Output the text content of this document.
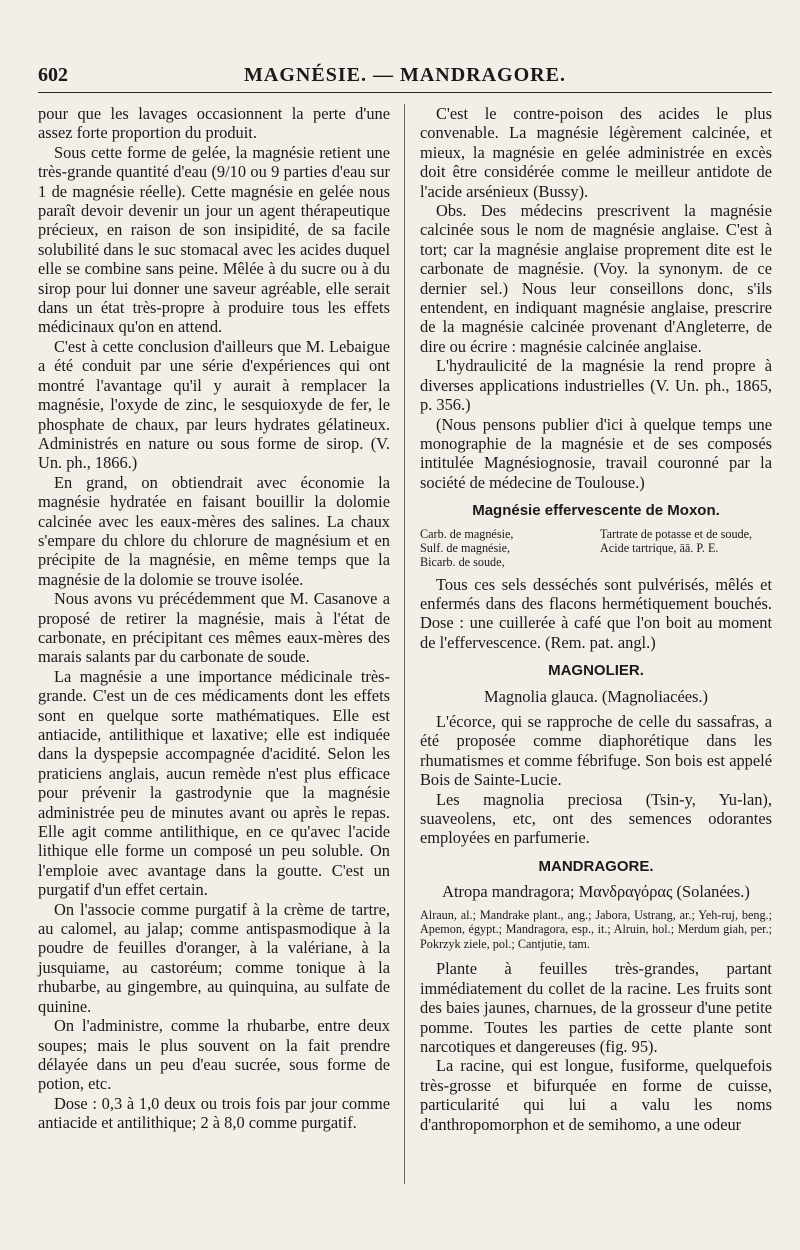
602	MAGNÉSIE. — MANDRAGORE.

pour que les lavages occasionnent la perte d'une assez forte proportion du produit.

Sous cette forme de gelée, la magnésie retient une très-grande quantité d'eau (9/10 ou 9 parties d'eau sur 1 de magnésie réelle). Cette magnésie en gelée nous paraît devoir devenir un jour un agent thérapeutique précieux, en raison de son insipidité, de sa facile solubilité dans le suc stomacal avec les acides duquel elle se combine sans peine. Mêlée à du sucre ou à du sirop pour lui donner une saveur agréable, elle serait dans un état très-propre à produire tous les effets médicinaux qu'on en attend.

C'est à cette conclusion d'ailleurs que M. Lebaigue a été conduit par une série d'expériences qui ont montré l'avantage qu'il y aurait à remplacer la magnésie, l'oxyde de zinc, le sesquioxyde de fer, le phosphate de chaux, par leurs hydrates gélatineux. Administrés en nature ou sous forme de sirop. (V. Un. ph., 1866.)

En grand, on obtiendrait avec économie la magnésie hydratée en faisant bouillir la dolomie calcinée avec les eaux-mères des salines. La chaux s'empare du chlore du chlorure de magnésium et en précipite de la magnésie, en même temps que la magnésie de la dolomie se trouve isolée.

Nous avons vu précédemment que M. Casanove a proposé de retirer la magnésie, mais à l'état de carbonate, en précipitant ces mêmes eaux-mères des marais salants par du carbonate de soude.

La magnésie a une importance médicinale très-grande. C'est un de ces médicaments dont les effets sont en quelque sorte mathématiques. Elle est antiacide, antilithique et laxative; elle est indiquée dans la dyspepsie accompagnée d'acidité. Selon les praticiens anglais, aucun remède n'est plus efficace pour prévenir la gastrodynie que la magnésie administrée peu de minutes avant ou après le repas. Elle agit comme antilithique, en ce qu'avec l'acide lithique elle forme un composé un peu soluble. On l'emploie avec avantage dans la goutte. C'est un purgatif d'un effet certain.

On l'associe comme purgatif à la crème de tartre, au calomel, au jalap; comme antispasmodique à la poudre de feuilles d'oranger, à la valériane, à la jusquiame, au castoréum; comme tonique à la rhubarbe, au gingembre, au quinquina, au sulfate de quinine.

On l'administre, comme la rhubarbe, entre deux soupes; mais le plus souvent on la fait prendre délayée dans un peu d'eau sucrée, sous forme de potion, etc.

Dose : 0,3 à 1,0 deux ou trois fois par jour comme antiacide et antilithique; 2 à 8,0 comme purgatif.

C'est le contre-poison des acides le plus convenable. La magnésie légèrement calcinée, et mieux, la magnésie en gelée administrée en excès doit être considérée comme le meilleur antidote de l'acide arsénieux (Bussy).

Obs. Des médecins prescrivent la magnésie calcinée sous le nom de magnésie anglaise. C'est à tort; car la magnésie anglaise proprement dite est le carbonate de magnésie. (Voy. la synonym. de ce dernier sel.) Nous leur conseillons donc, s'ils entendent, en indiquant magnésie anglaise, prescrire de la magnésie calcinée provenant d'Angleterre, de dire ou écrire : magnésie calcinée anglaise.

L'hydraulicité de la magnésie la rend propre à diverses applications industrielles (V. Un. ph., 1865, p. 356.)

(Nous pensons publier d'ici à quelque temps une monographie de la magnésie et de ses composés intitulée Magnésiognosie, travail couronné par la société de médecine de Toulouse.)

Magnésie effervescente de Moxon.
Carb. de magnésie,
Sulf. de magnésie,
Bicarb. de soude,
Tartrate de potasse et de soude,
Acide tartrique, āā. P. E.

Tous ces sels desséchés sont pulvérisés, mêlés et enfermés dans des flacons hermétiquement bouchés. Dose : une cuillerée à café que l'on boit au moment de l'effervescence. (Rem. pat. angl.)

MAGNOLIER.
Magnolia glauca. (Magnoliacées.)

L'écorce, qui se rapproche de celle du sassafras, a été proposée comme diaphorétique dans les rhumatismes et comme fébrifuge. Son bois est appelé Bois de Sainte-Lucie.

Les magnolia preciosa (Tsin-y, Yu-lan), suaveolens, etc, ont des semences odorantes employées en parfumerie.

MANDRAGORE.
Atropa mandragora; Μανδραγόρας (Solanées.)
Alraun, al.; Mandrake plant., ang.; Jabora, Ustrang, ar.; Yeh-ruj, beng.; Apemon, égypt.; Mandragora, esp., it.; Alruin, hol.; Merdum giah, per.; Pokrzyk ziele, pol.; Cantjutie, tam.

Plante à feuilles très-grandes, partant immédiatement du collet de la racine. Les fruits sont des baies jaunes, charnues, de la grosseur d'une petite pomme. Toutes les parties de cette plante sont narcotiques et dangereuses (fig. 95).

La racine, qui est longue, fusiforme, quelquefois très-grosse et bifurquée en forme de cuisse, particularité qui lui a valu les noms d'anthropomorphon et de semihomo, a une odeur
